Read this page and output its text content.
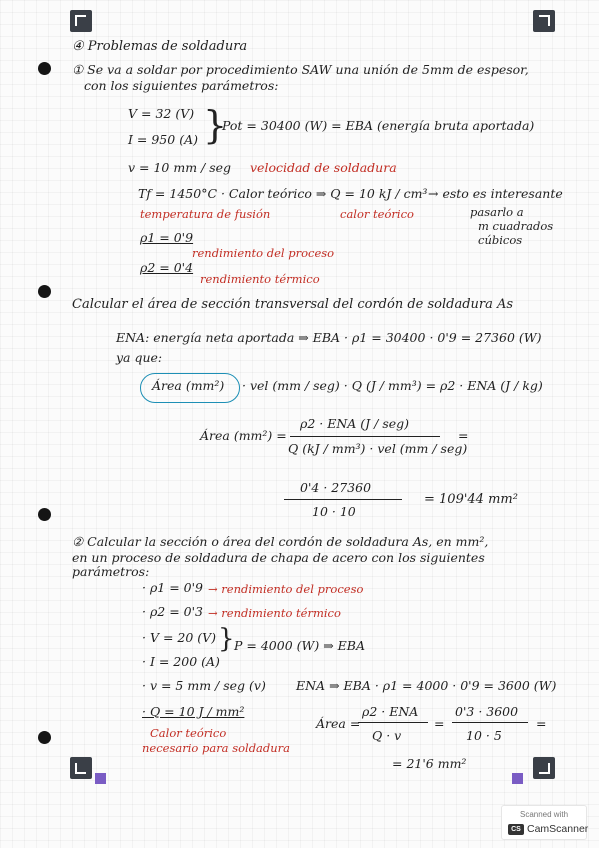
④ Problemas de soldadura
① Se va a soldar por procedimiento SAW una unión de 5mm de espesor,
con los siguientes parámetros:
V = 32 (V)
I = 950 (A) }
Pot = 30400 (W) = EBA (energía bruta aportada)
v = 10 mm / seg velocidad de soldadura
Tf = 1450°C · Calor teórico ⇒ Q = 10 kJ / cm³ → esto es interesante
temperatura de fusión	calor teórico	pasarlo a
m cuadrados
cúbicos
ρ1 = 0'9
rendimiento del proceso
ρ2 = 0'4
rendimiento térmico
Calcular el área de sección transversal del cordón de soldadura As
ENA: energía neta aportada ⇒ EBA · ρ1 = 30400 · 0'9 = 27360 (W)
ya que:
Área (mm²) · vel (mm / seg) · Q (J / mm³) = ρ2 · ENA (J / kg)
Área (mm²) =
ρ2 · ENA (J / seg)
Q (kJ / mm³) · vel (mm / seg)
=
0'4 · 27360
10 · 10
= 109'44 mm²
② Calcular la sección o área del cordón de soldadura As, en mm²,
en un proceso de soldadura de chapa de acero con los siguientes
parámetros:
· ρ1 = 0'9 → rendimiento del proceso
· ρ2 = 0'3 → rendimiento térmico
· V = 20 (V)
· I = 200 (A)
} P = 4000 (W) ⇒ EBA
· v = 5 mm / seg (v) ENA ⇒ EBA · ρ1 = 4000 · 0'9 = 3600 (W)
· Q = 10 J / mm²
Calor teórico
necesario para soldadura
Área =
ρ2 · ENA
Q · v
=
0'3 · 3600
10 · 5
=
= 21'6 mm²
Scanned with
CS CamScanner
